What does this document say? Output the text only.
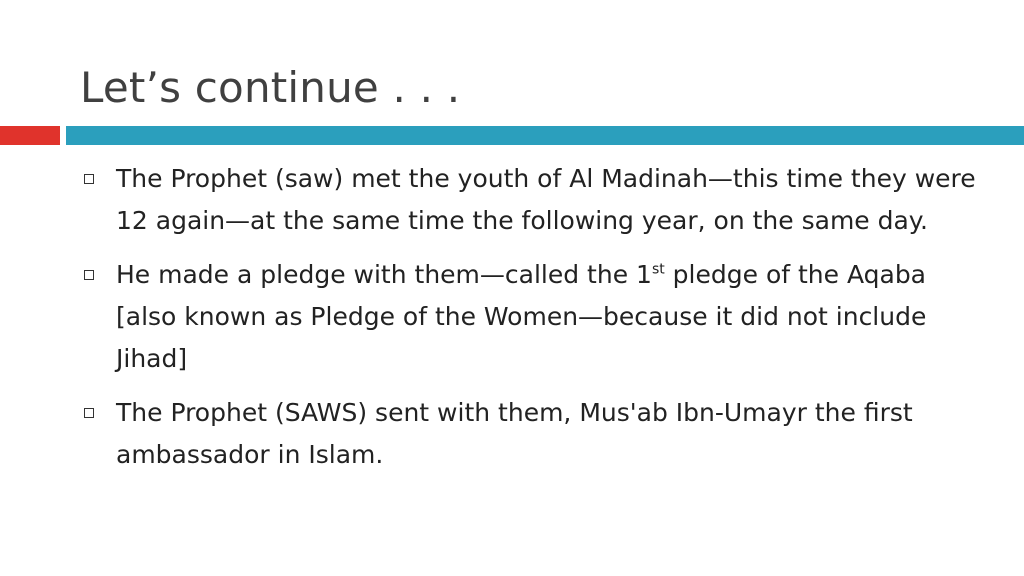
Let’s continue . . .
The Prophet (saw) met the youth of Al Madinah—this time they were 12 again—at the same time the following year, on the same day.
He made a pledge with them—called the 1st pledge of the Aqaba [also known as Pledge of the Women—because it did not include Jihad]
The Prophet (SAWS) sent with them, Mus'ab Ibn-Umayr the first ambassador in Islam.
